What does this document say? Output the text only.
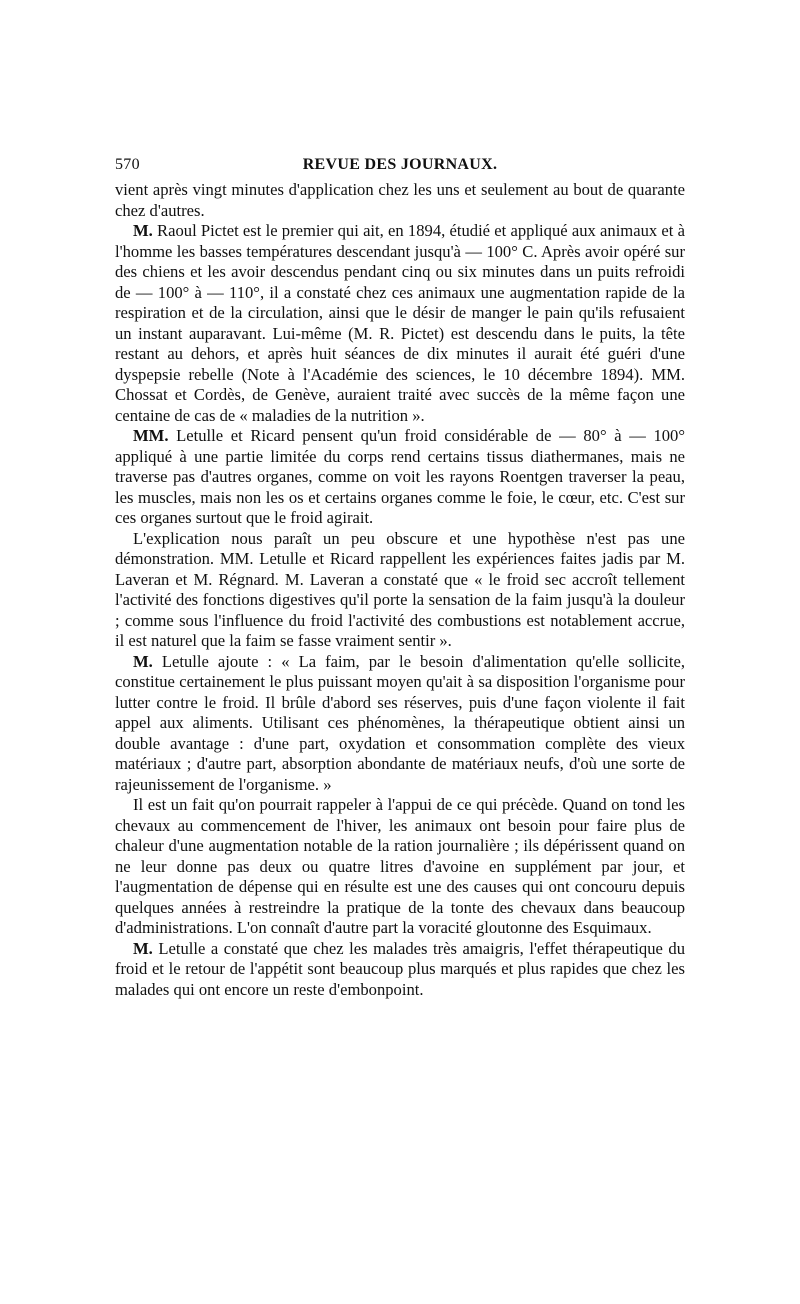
570	REVUE DES JOURNAUX.

vient après vingt minutes d'application chez les uns et seulement au bout de quarante chez d'autres.

M. Raoul Pictet est le premier qui ait, en 1894, étudié et appliqué aux animaux et à l'homme les basses températures descendant jusqu'à — 100° C. Après avoir opéré sur des chiens et les avoir descendus pendant cinq ou six minutes dans un puits refroidi de — 100° à — 110°, il a constaté chez ces animaux une augmentation rapide de la respiration et de la circulation, ainsi que le désir de manger le pain qu'ils refusaient un instant auparavant. Lui-même (M. R. Pictet) est descendu dans le puits, la tête restant au dehors, et après huit séances de dix minutes il aurait été guéri d'une dyspepsie rebelle (Note à l'Académie des sciences, le 10 décembre 1894). MM. Chossat et Cordès, de Genève, auraient traité avec succès de la même façon une centaine de cas de « maladies de la nutrition ».

MM. Letulle et Ricard pensent qu'un froid considérable de — 80° à — 100° appliqué à une partie limitée du corps rend certains tissus diathermanes, mais ne traverse pas d'autres organes, comme on voit les rayons Roentgen traverser la peau, les muscles, mais non les os et certains organes comme le foie, le cœur, etc. C'est sur ces organes surtout que le froid agirait.

L'explication nous paraît un peu obscure et une hypothèse n'est pas une démonstration. MM. Letulle et Ricard rappellent les expériences faites jadis par M. Laveran et M. Régnard. M. Laveran a constaté que « le froid sec accroît tellement l'activité des fonctions digestives qu'il porte la sensation de la faim jusqu'à la douleur ; comme sous l'influence du froid l'activité des combustions est notablement accrue, il est naturel que la faim se fasse vraiment sentir ».

M. Letulle ajoute : « La faim, par le besoin d'alimentation qu'elle sollicite, constitue certainement le plus puissant moyen qu'ait à sa disposition l'organisme pour lutter contre le froid. Il brûle d'abord ses réserves, puis d'une façon violente il fait appel aux aliments. Utilisant ces phénomènes, la thérapeutique obtient ainsi un double avantage : d'une part, oxydation et consommation complète des vieux matériaux ; d'autre part, absorption abondante de matériaux neufs, d'où une sorte de rajeunissement de l'organisme. »

Il est un fait qu'on pourrait rappeler à l'appui de ce qui précède. Quand on tond les chevaux au commencement de l'hiver, les animaux ont besoin pour faire plus de chaleur d'une augmentation notable de la ration journalière ; ils dépérissent quand on ne leur donne pas deux ou quatre litres d'avoine en supplément par jour, et l'augmentation de dépense qui en résulte est une des causes qui ont concouru depuis quelques années à restreindre la pratique de la tonte des chevaux dans beaucoup d'administrations. L'on connaît d'autre part la voracité gloutonne des Esquimaux.

M. Letulle a constaté que chez les malades très amaigris, l'effet thérapeutique du froid et le retour de l'appétit sont beaucoup plus marqués et plus rapides que chez les malades qui ont encore un reste d'embonpoint.
